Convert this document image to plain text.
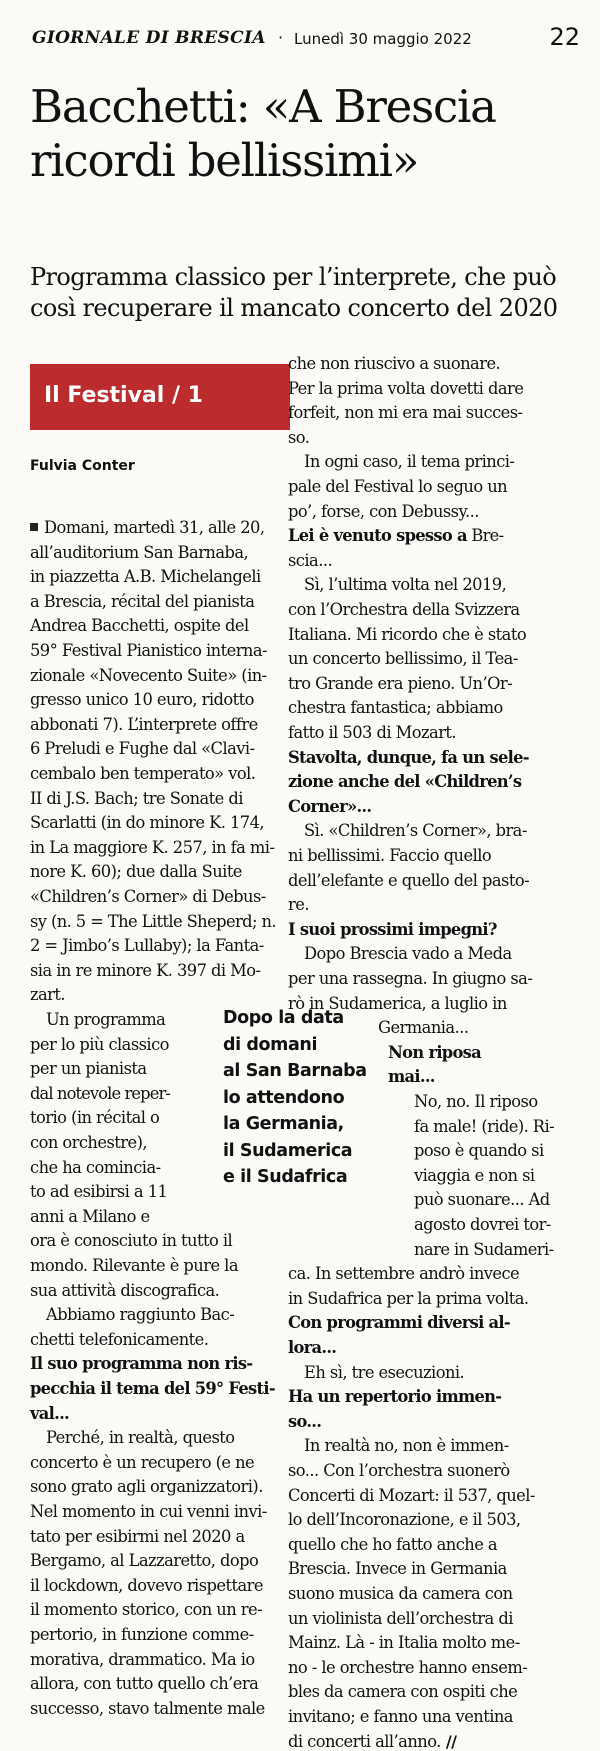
GIORNALE DI BRESCIA · Lunedì 30 maggio 2022	22
Bacchetti: «A Brescia
ricordi bellissimi»
Programma classico per l’interprete, che può
così recuperare il mancato concerto del 2020
Il Festival / 1
Fulvia Conter
Domani, martedì 31, alle 20,
all’auditorium San Barnaba,
in piazzetta A.B. Michelangeli
a Brescia, récital del pianista
Andrea Bacchetti, ospite del
59° Festival Pianistico interna-
zionale «Novecento Suite» (in-
gresso unico 10 euro, ridotto
abbonati 7). L’interprete offre
6 Preludi e Fughe dal «Clavi-
cembalo ben temperato» vol.
II di J.S. Bach; tre Sonate di
Scarlatti (in do minore K. 174,
in La maggiore K. 257, in fa mi-
nore K. 60); due dalla Suite
«Children’s Corner» di Debus-
sy (n. 5 = The Little Sheperd; n.
2 = Jimbo’s Lullaby); la Fanta-
sia in re minore K. 397 di Mo-
zart.
Un programma
per lo più classico
per un pianista
dal notevole reper-
torio (in récital o
con orchestre),
che ha comincia-
to ad esibirsi a 11
anni a Milano e
ora è conosciuto in tutto il
mondo. Rilevante è pure la
sua attività discografica.
Abbiamo raggiunto Bac-
chetti telefonicamente.
Il suo programma non ris-
pecchia il tema del 59° Festi-
val...
Perché, in realtà, questo
concerto è un recupero (e ne
sono grato agli organizzatori).
Nel momento in cui venni invi-
tato per esibirmi nel 2020 a
Bergamo, al Lazzaretto, dopo
il lockdown, dovevo rispettare
il momento storico, con un re-
pertorio, in funzione comme-
morativa, drammatico. Ma io
allora, con tutto quello ch’era
successo, stavo talmente male
che non riuscivo a suonare.
Per la prima volta dovetti dare
forfeit, non mi era mai succes-
so.
In ogni caso, il tema princi-
pale del Festival lo seguo un
po’, forse, con Debussy...
Lei è venuto spesso a Bre-
scia...
Sì, l’ultima volta nel 2019,
con l’Orchestra della Svizzera
Italiana. Mi ricordo che è stato
un concerto bellissimo, il Tea-
tro Grande era pieno. Un’Or-
chestra fantastica; abbiamo
fatto il 503 di Mozart.
Stavolta, dunque, fa un sele-
zione anche del «Children’s
Corner»...
Sì. «Children’s Corner», bra-
ni bellissimi. Faccio quello
dell’elefante e quello del pasto-
re.
I suoi prossimi impegni?
Dopo Brescia vado a Meda
per una rassegna. In giugno sa-
rò in Sudamerica, a luglio in
Germania...
Non riposa
mai...
No, no. Il riposo
fa male! (ride). Ri-
poso è quando si
viaggia e non si
può suonare... Ad
agosto dovrei tor-
nare in Sudameri-
ca. In settembre andrò invece
in Sudafrica per la prima volta.
Con programmi diversi al-
lora...
Eh sì, tre esecuzioni.
Ha un repertorio immen-
so...
In realtà no, non è immen-
so... Con l’orchestra suonerò
Concerti di Mozart: il 537, quel-
lo dell’Incoronazione, e il 503,
quello che ho fatto anche a
Brescia. Invece in Germania
suono musica da camera con
un violinista dell’orchestra di
Mainz. Là - in Italia molto me-
no - le orchestre hanno ensem-
bles da camera con ospiti che
invitano; e fanno una ventina
di concerti all’anno. //
Dopo la data
di domani
al San Barnaba
lo attendono
la Germania,
il Sudamerica
e il Sudafrica
